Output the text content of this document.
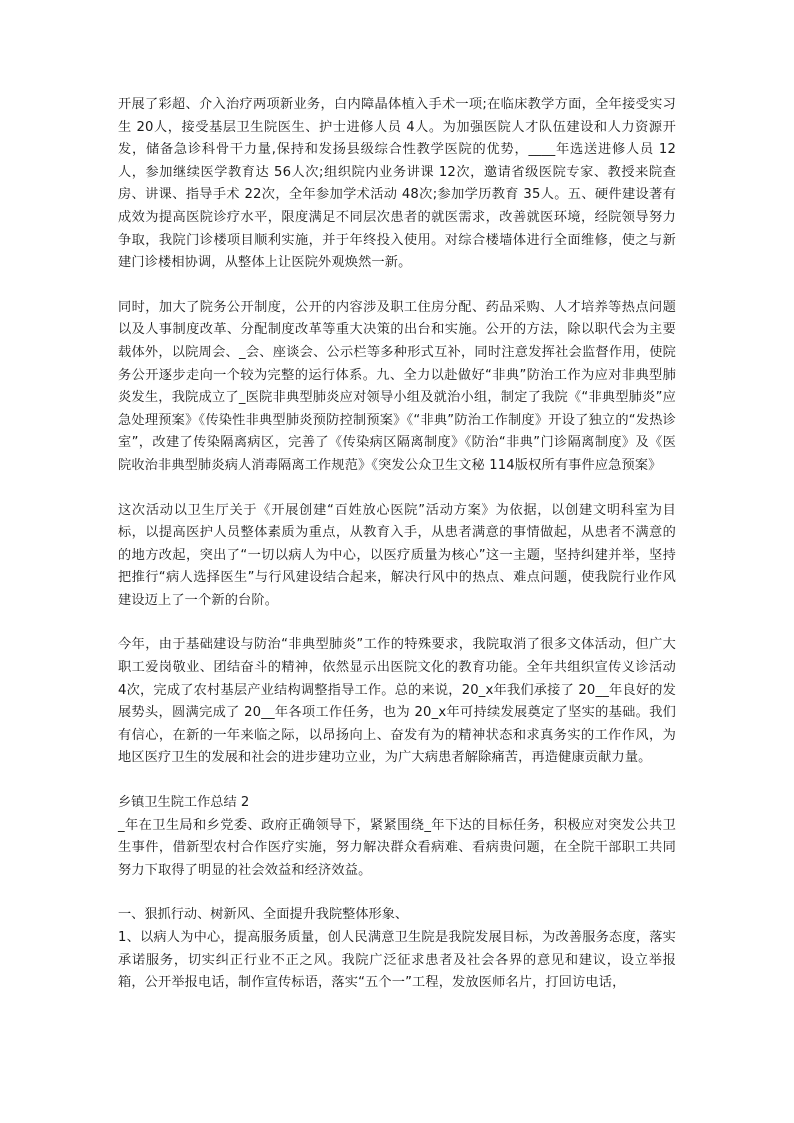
开展了彩超、介入治疗两项新业务，白内障晶体植入手术一项;在临床教学方面，全年接受实习生 20人，接受基层卫生院医生、护士进修人员 4人。为加强医院人才队伍建设和人力资源开发，储备急诊科骨干力量,保持和发扬县级综合性教学医院的优势，____年选送进修人员 12人，参加继续医学教育达 56人次;组织院内业务讲课 12次，邀请省级医院专家、教授来院查房、讲课、指导手术 22次，全年参加学术活动 48次;参加学历教育 35人。五、硬件建设著有成效为提高医院诊疗水平，限度满足不同层次患者的就医需求，改善就医环境，经院领导努力争取，我院门诊楼项目顺利实施，并于年终投入使用。对综合楼墙体进行全面维修，使之与新建门诊楼相协调，从整体上让医院外观焕然一新。

同时，加大了院务公开制度，公开的内容涉及职工住房分配、药品采购、人才培养等热点问题以及人事制度改革、分配制度改革等重大决策的出台和实施。公开的方法，除以职代会为主要载体外，以院周会、_会、座谈会、公示栏等多种形式互补，同时注意发挥社会监督作用，使院务公开逐步走向一个较为完整的运行体系。九、全力以赴做好“非典”防治工作为应对非典型肺炎发生，我院成立了_医院非典型肺炎应对领导小组及就治小组，制定了我院《“非典型肺炎”应急处理预案》《传染性非典型肺炎预防控制预案》《“非典”防治工作制度》开设了独立的“发热诊室”，改建了传染隔离病区，完善了《传染病区隔离制度》《防治“非典”门诊隔离制度》及《医院收治非典型肺炎病人消毒隔离工作规范》《突发公众卫生文秘 114版权所有事件应急预案》

这次活动以卫生厅关于《开展创建“百姓放心医院”活动方案》为依据，以创建文明科室为目标，以提高医护人员整体素质为重点，从教育入手，从患者满意的事情做起，从患者不满意的的地方改起，突出了“一切以病人为中心，以医疗质量为核心”这一主题，坚持纠建并举，坚持把推行“病人选择医生”与行风建设结合起来，解决行风中的热点、难点问题，使我院行业作风建设迈上了一个新的台阶。

今年，由于基础建设与防治“非典型肺炎”工作的特殊要求，我院取消了很多文体活动，但广大职工爱岗敬业、团结奋斗的精神，依然显示出医院文化的教育功能。全年共组织宣传义诊活动 4次，完成了农村基层产业结构调整指导工作。总的来说，20_x年我们承接了 20__年良好的发展势头，圆满完成了 20__年各项工作任务，也为 20_x年可持续发展奠定了坚实的基础。我们有信心，在新的一年来临之际，以昂扬向上、奋发有为的精神状态和求真务实的工作作风，为地区医疗卫生的发展和社会的进步建功立业，为广大病患者解除痛苦，再造健康贡献力量。

乡镇卫生院工作总结 2

_年在卫生局和乡党委、政府正确领导下，紧紧围绕_年下达的目标任务，积极应对突发公共卫生事件，借新型农村合作医疗实施，努力解决群众看病难、看病贵问题，在全院干部职工共同努力下取得了明显的社会效益和经济效益。

一、狠抓行动、树新风、全面提升我院整体形象、

1、以病人为中心，提高服务质量，创人民满意卫生院是我院发展目标，为改善服务态度，落实承诺服务，切实纠正行业不正之风。我院广泛征求患者及社会各界的意见和建议，设立举报箱，公开举报电话，制作宣传标语，落实“五个一”工程，发放医师名片，打回访电话，
